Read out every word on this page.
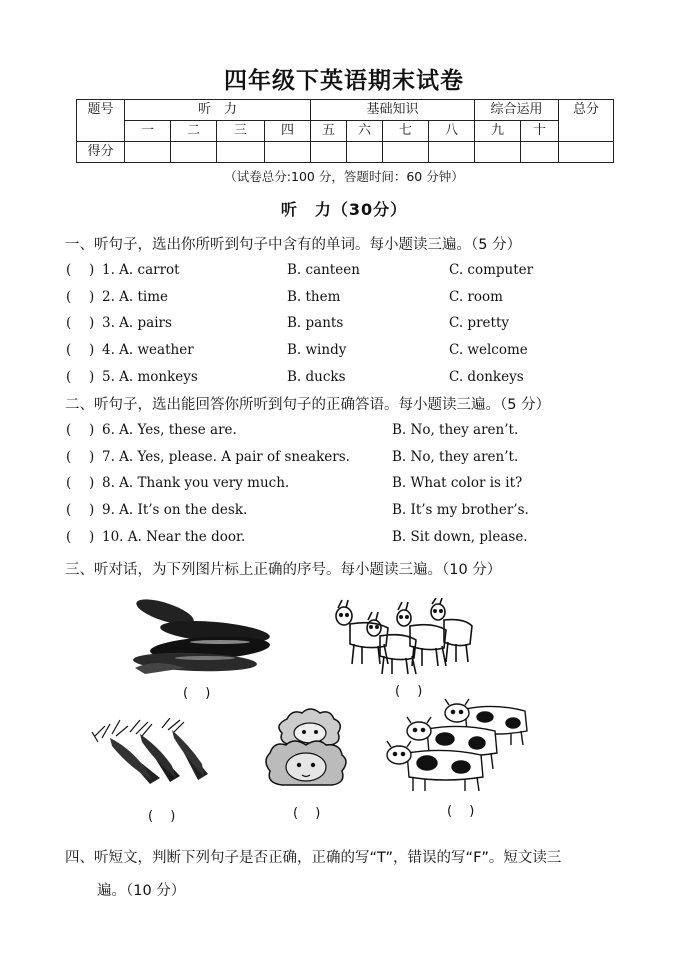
四年级下英语期末试卷
题号	听　力				基础知识				综合运用		总分
	一	二	三	四	五	六	七	八	九	十	
得分											
（试卷总分:100 分，答题时间：60 分钟）
听　力（30分）
一、听句子，选出你所听到句子中含有的单词。每小题读三遍。（5 分）
(　 ) 1. A. carrot	B. canteen	C. computer
(　 ) 2. A. time	B. them	C. room
(　 ) 3. A. pairs	B. pants	C. pretty
(　 ) 4. A. weather	B. windy	C. welcome
(　 ) 5. A. monkeys	B. ducks	C. donkeys
二、听句子，选出能回答你所听到句子的正确答语。每小题读三遍。（5 分）
(　 ) 6. A. Yes, these are.	B. No, they aren’t.
(　 ) 7. A. Yes, please. A pair of sneakers.	B. No, they aren’t.
(　 ) 8. A. Thank you very much.	B. What color is it?
(　 ) 9. A. It’s on the desk.	B. It’s my brother’s.
(　 ) 10. A. Near the door.	B. Sit down, please.
三、听对话，为下列图片标上正确的序号。每小题读三遍。（10 分）
(　 )	(　 )
(　 )	(　 )	(　 )
四、听短文，判断下列句子是否正确，正确的写“T”，错误的写“F”。短文读三
遍。（10 分）
